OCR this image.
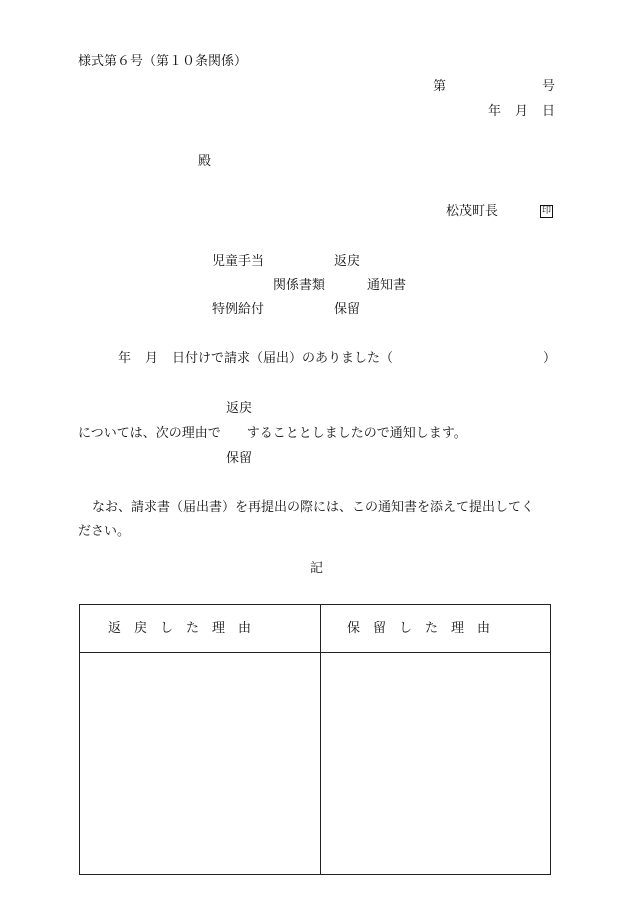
様式第６号（第１０条関係）
第	号
年 月 日
殿
松茂町長	印
児童手当	返戻
関係書類	通知書
特例給付	保留
年 月 日付けで請求（届出）のありました（	）
返戻
については、次の理由で　　することとしましたので通知します。
保留
なお、請求書（届出書）を再提出の際には、この通知書を添えて提出してく
ださい。
記
返　戻　し　た　理　由	保　留　し　た　理　由
